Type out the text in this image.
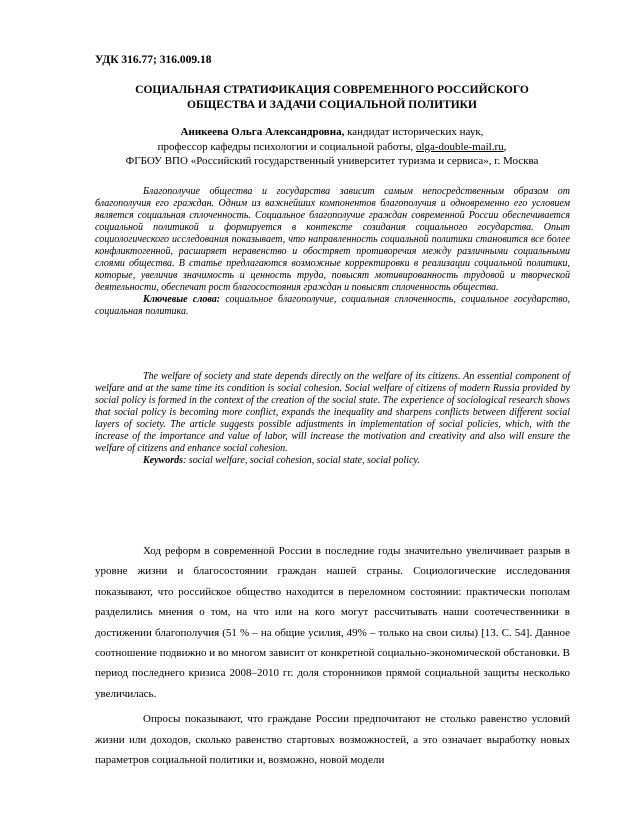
УДК 316.77; 316.009.18
СОЦИАЛЬНАЯ СТРАТИФИКАЦИЯ СОВРЕМЕННОГО РОССИЙСКОГО
ОБЩЕСТВА И ЗАДАЧИ СОЦИАЛЬНОЙ ПОЛИТИКИ
Аникеева Ольга Александровна, кандидат исторических наук,
профессор кафедры психологии и социальной работы, olga-double-mail.ru,
ФГБОУ ВПО «Российский государственный университет туризма и сервиса», г. Москва

Благополучие общества и государства зависит самым непосредственным образом от благополучия его граждан. Одним из важнейших компонентов благополучия и одновременно его условием является социальная сплоченность. Социальное благополучие граждан современной России обеспечивается социальной политикой и формируется в контексте созидания социального государства. Опыт социологического исследования показывает, что направленность социальной политики становится все более конфликтогенной, расширяет неравенство и обостряет противоречия между различными социальными слоями общества. В статье предлагаются возможные корректировки в реализации социальной политики, которые, увеличив значимость и ценность труда, повысят мотивированность трудовой и творческой деятельности, обеспечат рост благосостояния граждан и повысят сплоченность общества.

Ключевые слова: социальное благополучие, социальная сплоченность, социальное государство, социальная политика.

The welfare of society and state depends directly on the welfare of its citizens. An essential component of welfare and at the same time its condition is social cohesion. Social welfare of citizens of modern Russia provided by social policy is formed in the context of the creation of the social state. The experience of sociological research shows that social policy is becoming more conflict, expands the inequality and sharpens conflicts between different social layers of society. The article suggests possible adjustments in implementation of social policies, which, with the increase of the importance and value of labor, will increase the motivation and creativity and also will ensure the welfare of citizens and enhance social cohesion.

Keywords: social welfare, social cohesion, social state, social policy.

Ход реформ в современной России в последние годы значительно увеличивает разрыв в уровне жизни и благосостоянии граждан нашей страны. Социологические исследования показывают, что российское общество находится в переломном состоянии: практически пополам разделились мнения о том, на что или на кого могут рассчитывать наши соотечественники в достижении благополучия (51 % – на общие усилия, 49% – только на свои силы) [13. С. 54]. Данное соотношение подвижно и во многом зависит от конкретной социально-экономической обстановки. В период последнего кризиса 2008–2010 гг. доля сторонников прямой социальной защиты несколько увеличилась.

Опросы показывают, что граждане России предпочитают не столько равенство условий жизни или доходов, сколько равенство стартовых возможностей, а это означает выработку новых параметров социальной политики и, возможно, новой модели
